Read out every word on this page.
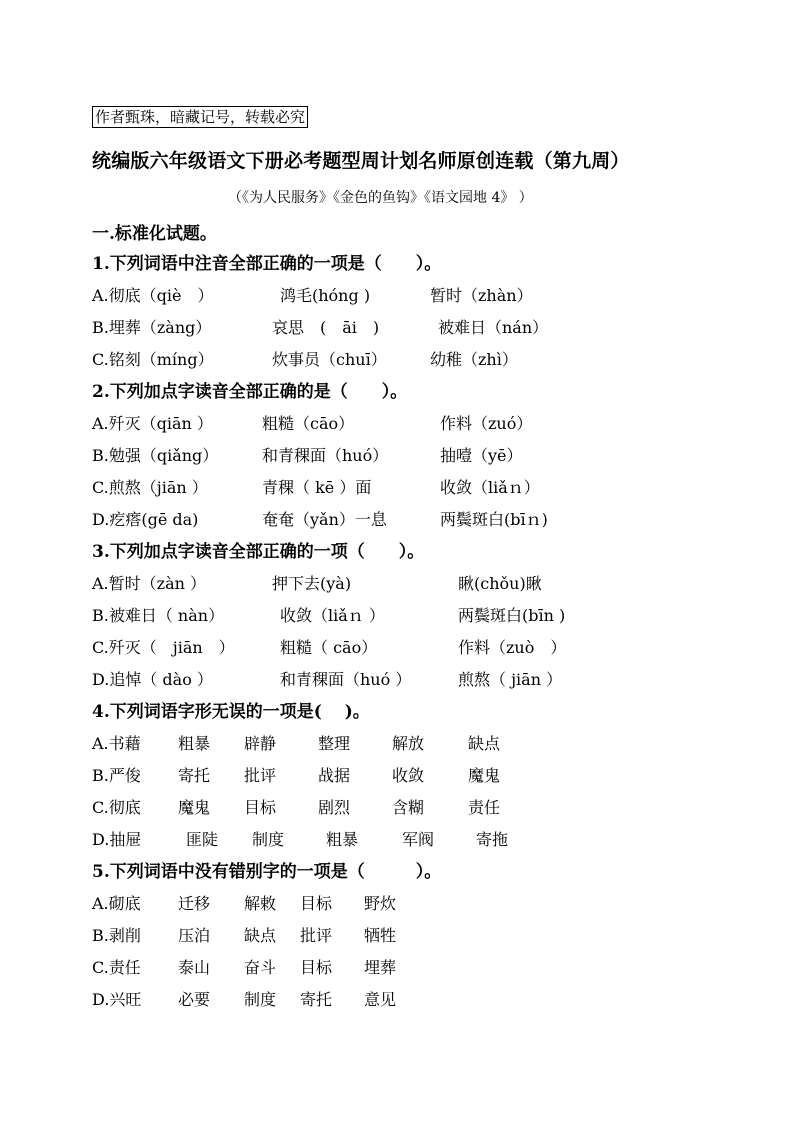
作者甄珠，暗藏记号，转载必究
统编版六年级语文下册必考题型周计划名师原创连载（第九周）
（《为人民服务》《金色的鱼钩》《语文园地 4》 ）
一.标准化试题。
1.下列词语中注音全部正确的一项是（　　）。
A.彻底（qiè　）	鸿毛(hóng )	暂时（zhàn）
B.埋葬（zàng）	哀思　(　āi　)	被难日（nán）
C.铭刻（míng）	炊事员（chuī）	幼稚（zhì）
2.下列加点字读音全部正确的是（　　）。
A.歼灭（qiān ）	粗糙（cāo）	作料（zuó）
B.勉强（qiǎng）	和青稞面（huó）	抽噎（yē）
C.煎熬（jiān ）	青稞（ kē ）面	收敛（liǎｎ）
D.疙瘩(gē da)	奄奄（yǎn）一息	两鬓斑白(bīｎ)
3.下列加点字读音全部正确的一项（　　）。
A.暂时（zàn ）	押下去(yà)	瞅(chǒu)瞅
B.被难日（ nàn）	收敛（liǎｎ ）	两鬓斑白(bīn )
C.歼灭（　jiān　）	粗糙（ cāo）	作料（zuò　）
D.追悼（ dào ）	和青稞面（huó ）	煎熬（ jiān ）
4.下列词语字形无误的一项是(　 )。
A.书藉 粗暴 辟静	整理	解放	缺点
B.严俊 寄托 批评	战据	收敛	魔鬼
C.彻底 魔鬼 目标	剧烈	含糊	责任
D.抽屉	匪陡 制度	粗暴	军阀	寄拖
5.下列词语中没有错别字的一项是（　　　）。
A.砌底 迁移 解敕 目标 野炊
B.剥削 压泊 缺点 批评 牺牲
C.责任 泰山 奋斗 目标 埋葬
D.兴旺 必要 制度 寄托 意见
